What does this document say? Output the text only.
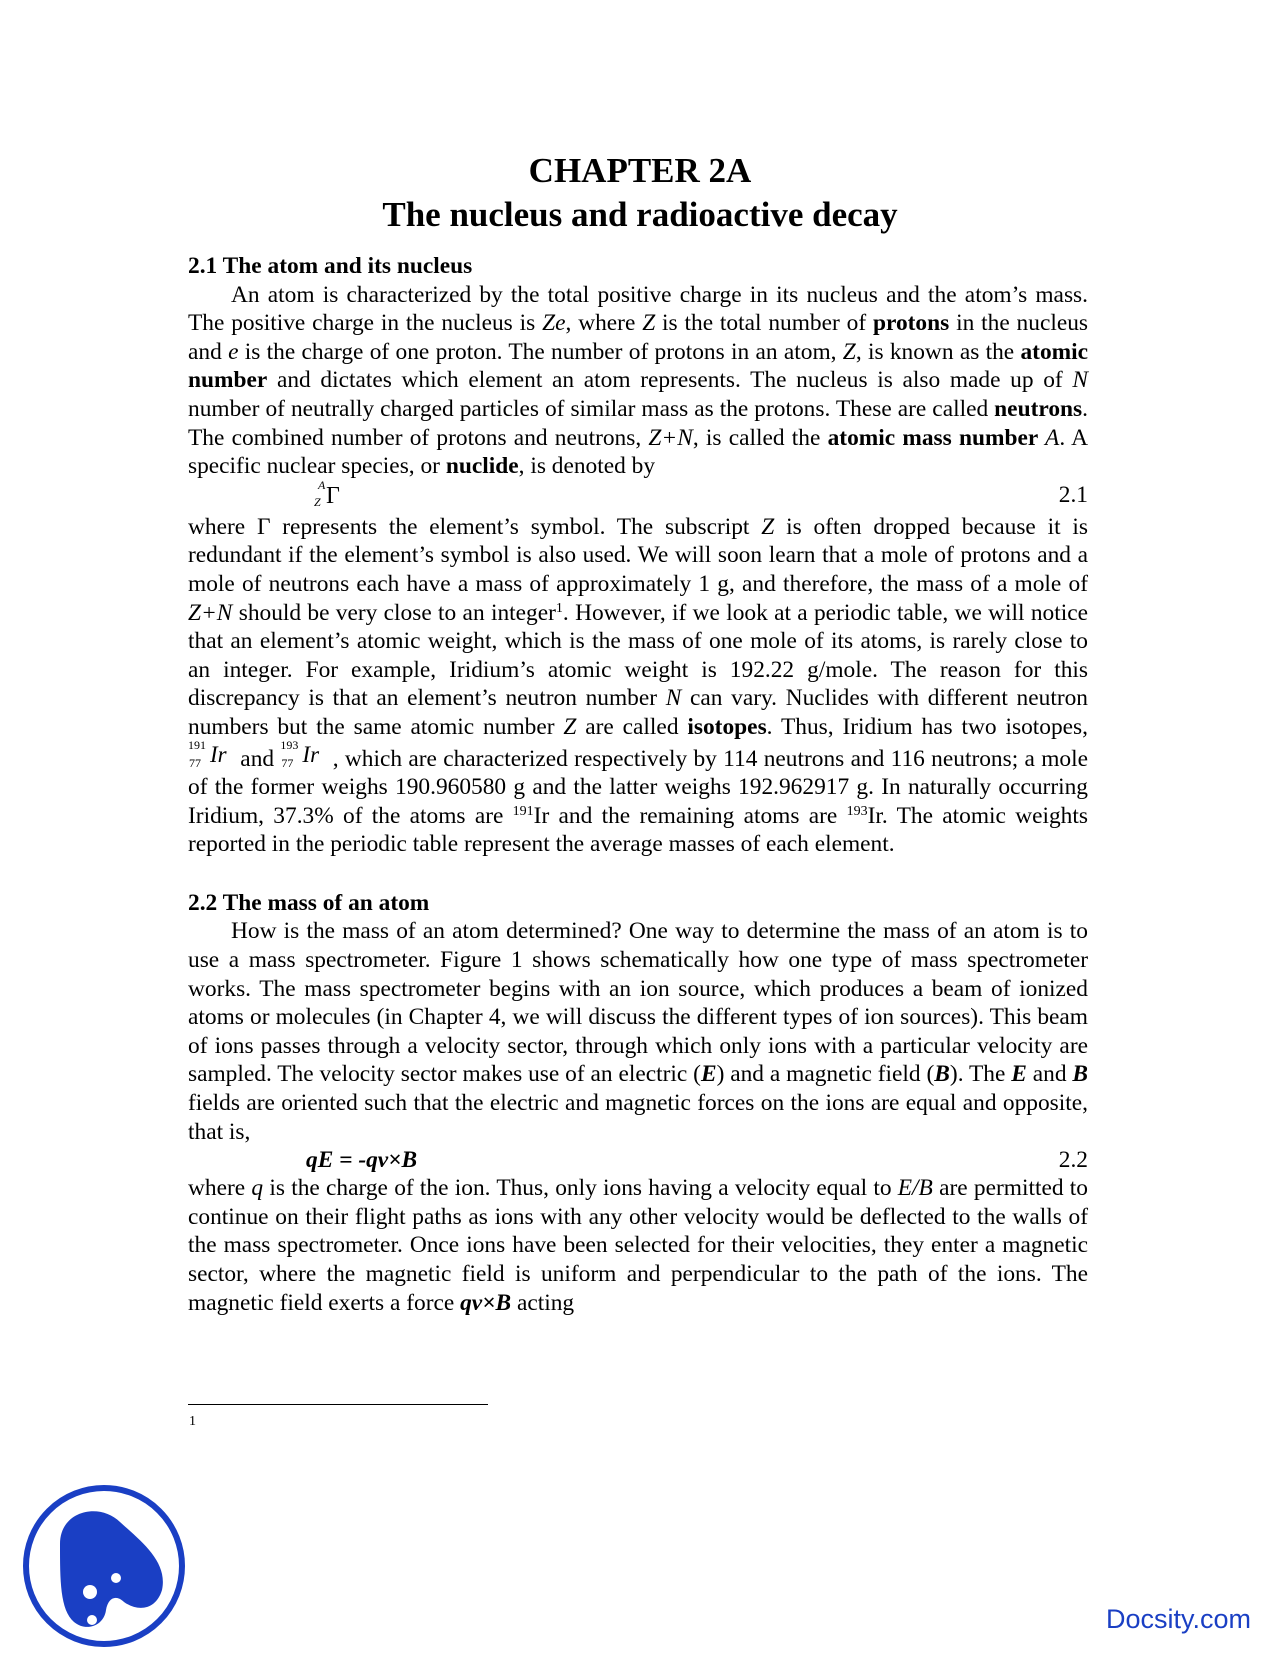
CHAPTER 2A
The nucleus and radioactive decay
2.1 The atom and its nucleus

An atom is characterized by the total positive charge in its nucleus and the atom’s mass. The positive charge in the nucleus is Ze, where Z is the total number of protons in the nucleus and e is the charge of one proton. The number of protons in an atom, Z, is known as the atomic number and dictates which element an atom represents. The nucleus is also made up of N number of neutrally charged particles of similar mass as the protons. These are called neutrons. The combined number of protons and neutrons, Z+N, is called the atomic mass number A. A specific nuclear species, or nuclide, is denoted by

A
Z Γ	2.1

where Γ represents the element’s symbol. The subscript Z is often dropped because it is redundant if the element’s symbol is also used. We will soon learn that a mole of protons and a mole of neutrons each have a mass of approximately 1 g, and therefore, the mass of a mole of Z+N should be very close to an integer$^1$. However, if we look at a periodic table, we will notice that an element’s atomic weight, which is the mass of one mole of its atoms, is rarely close to an integer. For example, Iridium’s atomic weight is 192.22 g/mole. The reason for this discrepancy is that an element’s neutron number N can vary. Nuclides with different neutron numbers but the same atomic number Z are called isotopes. Thus, Iridium has two isotopes,
191
77 Ir and
193
77 Ir , which are characterized respectively by 114 neutrons and 116 neutrons; a mole of the former weighs 190.960580 g and the latter weighs 192.962917 g. In naturally occurring Iridium, 37.3% of the atoms are $^{191}$Ir and the remaining atoms are $^{193}$Ir. The atomic weights reported in the periodic table represent the average masses of each element.

2.2 The mass of an atom

How is the mass of an atom determined? One way to determine the mass of an atom is to use a mass spectrometer. Figure 1 shows schematically how one type of mass spectrometer works. The mass spectrometer begins with an ion source, which produces a beam of ionized atoms or molecules (in Chapter 4, we will discuss the different types of ion sources). This beam of ions passes through a velocity sector, through which only ions with a particular velocity are sampled. The velocity sector makes use of an electric (E) and a magnetic field (B). The E and B fields are oriented such that the electric and magnetic forces on the ions are equal and opposite, that is,

qE = -qv×B	2.2

where q is the charge of the ion. Thus, only ions having a velocity equal to E/B are permitted to continue on their flight paths as ions with any other velocity would be deflected to the walls of the mass spectrometer. Once ions have been selected for their velocities, they enter a magnetic sector, where the magnetic field is uniform and perpendicular to the path of the ions. The magnetic field exerts a force qv×B acting

1
Docsity.com
